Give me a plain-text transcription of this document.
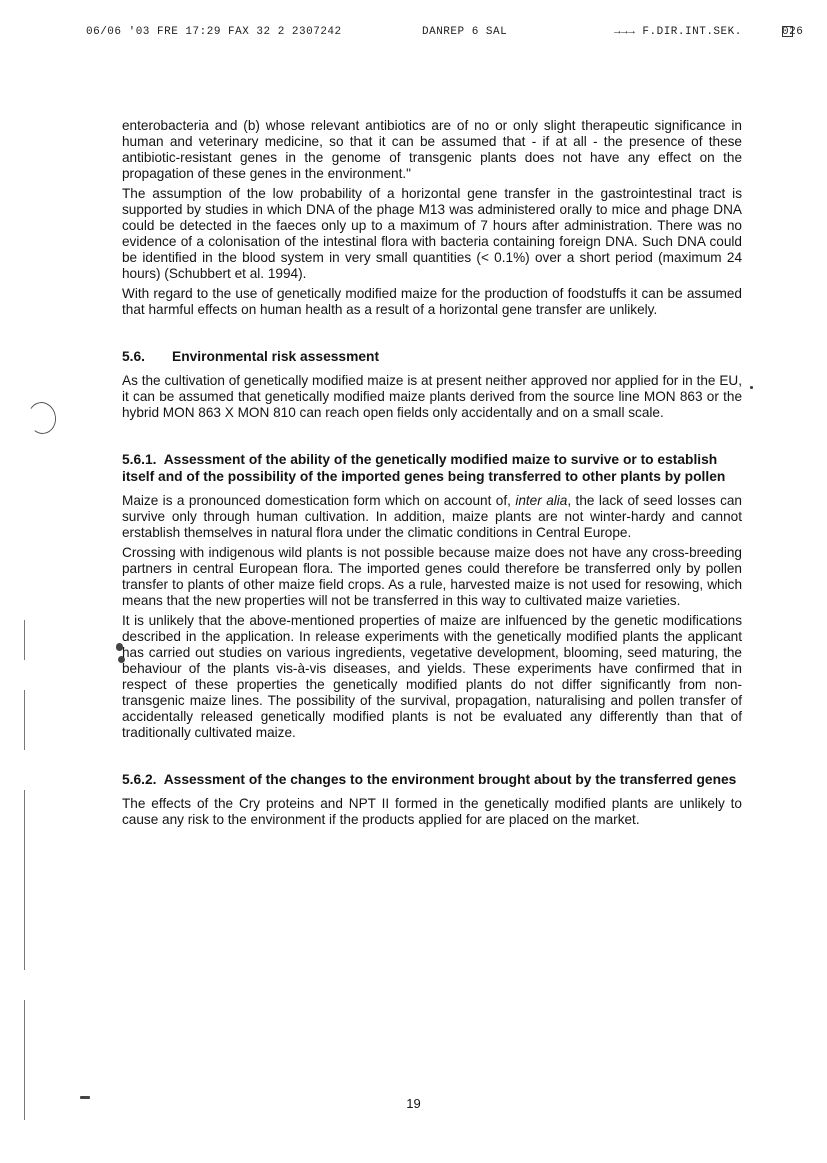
06/06 '03 FRE 17:29 FAX 32 2 2307242	DANREP 6 SAL	→→→ F.DIR.INT.SEK.	026

enterobacteria and (b) whose relevant antibiotics are of no or only slight therapeutic significance in human and veterinary medicine, so that it can be assumed that - if at all - the presence of these antibiotic-resistant genes in the genome of transgenic plants does not have any effect on the propagation of these genes in the environment."

The assumption of the low probability of a horizontal gene transfer in the gastrointestinal tract is supported by studies in which DNA of the phage M13 was administered orally to mice and phage DNA could be detected in the faeces only up to a maximum of 7 hours after administration. There was no evidence of a colonisation of the intestinal flora with bacteria containing foreign DNA. Such DNA could be identified in the blood system in very small quantities (< 0.1%) over a short period (maximum 24 hours) (Schubbert et al. 1994).

With regard to the use of genetically modified maize for the production of foodstuffs it can be assumed that harmful effects on human health as a result of a horizontal gene transfer are unlikely.

5.6. Environmental risk assessment

As the cultivation of genetically modified maize is at present neither approved nor applied for in the EU, it can be assumed that genetically modified maize plants derived from the source line MON 863 or the hybrid MON 863 X MON 810 can reach open fields only accidentally and on a small scale.

5.6.1. Assessment of the ability of the genetically modified maize to survive or to establish itself and of the possibility of the imported genes being transferred to other plants by pollen

Maize is a pronounced domestication form which on account of, inter alia, the lack of seed losses can survive only through human cultivation. In addition, maize plants are not winter-hardy and cannot erstablish themselves in natural flora under the climatic conditions in Central Europe.

Crossing with indigenous wild plants is not possible because maize does not have any cross-breeding partners in central European flora. The imported genes could therefore be transferred only by pollen transfer to plants of other maize field crops. As a rule, harvested maize is not used for resowing, which means that the new properties will not be transferred in this way to cultivated maize varieties.

It is unlikely that the above-mentioned properties of maize are inlfuenced by the genetic modifications described in the application. In release experiments with the genetically modified plants the applicant has carried out studies on various ingredients, vegetative development, blooming, seed maturing, the behaviour of the plants vis-à-vis diseases, and yields. These experiments have confirmed that in respect of these properties the genetically modified plants do not differ significantly from non-transgenic maize lines. The possibility of the survival, propagation, naturalising and pollen transfer of accidentally released genetically modified plants is not be evaluated any differently than that of traditionally cultivated maize.

5.6.2. Assessment of the changes to the environment brought about by the transferred genes

The effects of the Cry proteins and NPT II formed in the genetically modified plants are unlikely to cause any risk to the environment if the products applied for are placed on the market.

19
